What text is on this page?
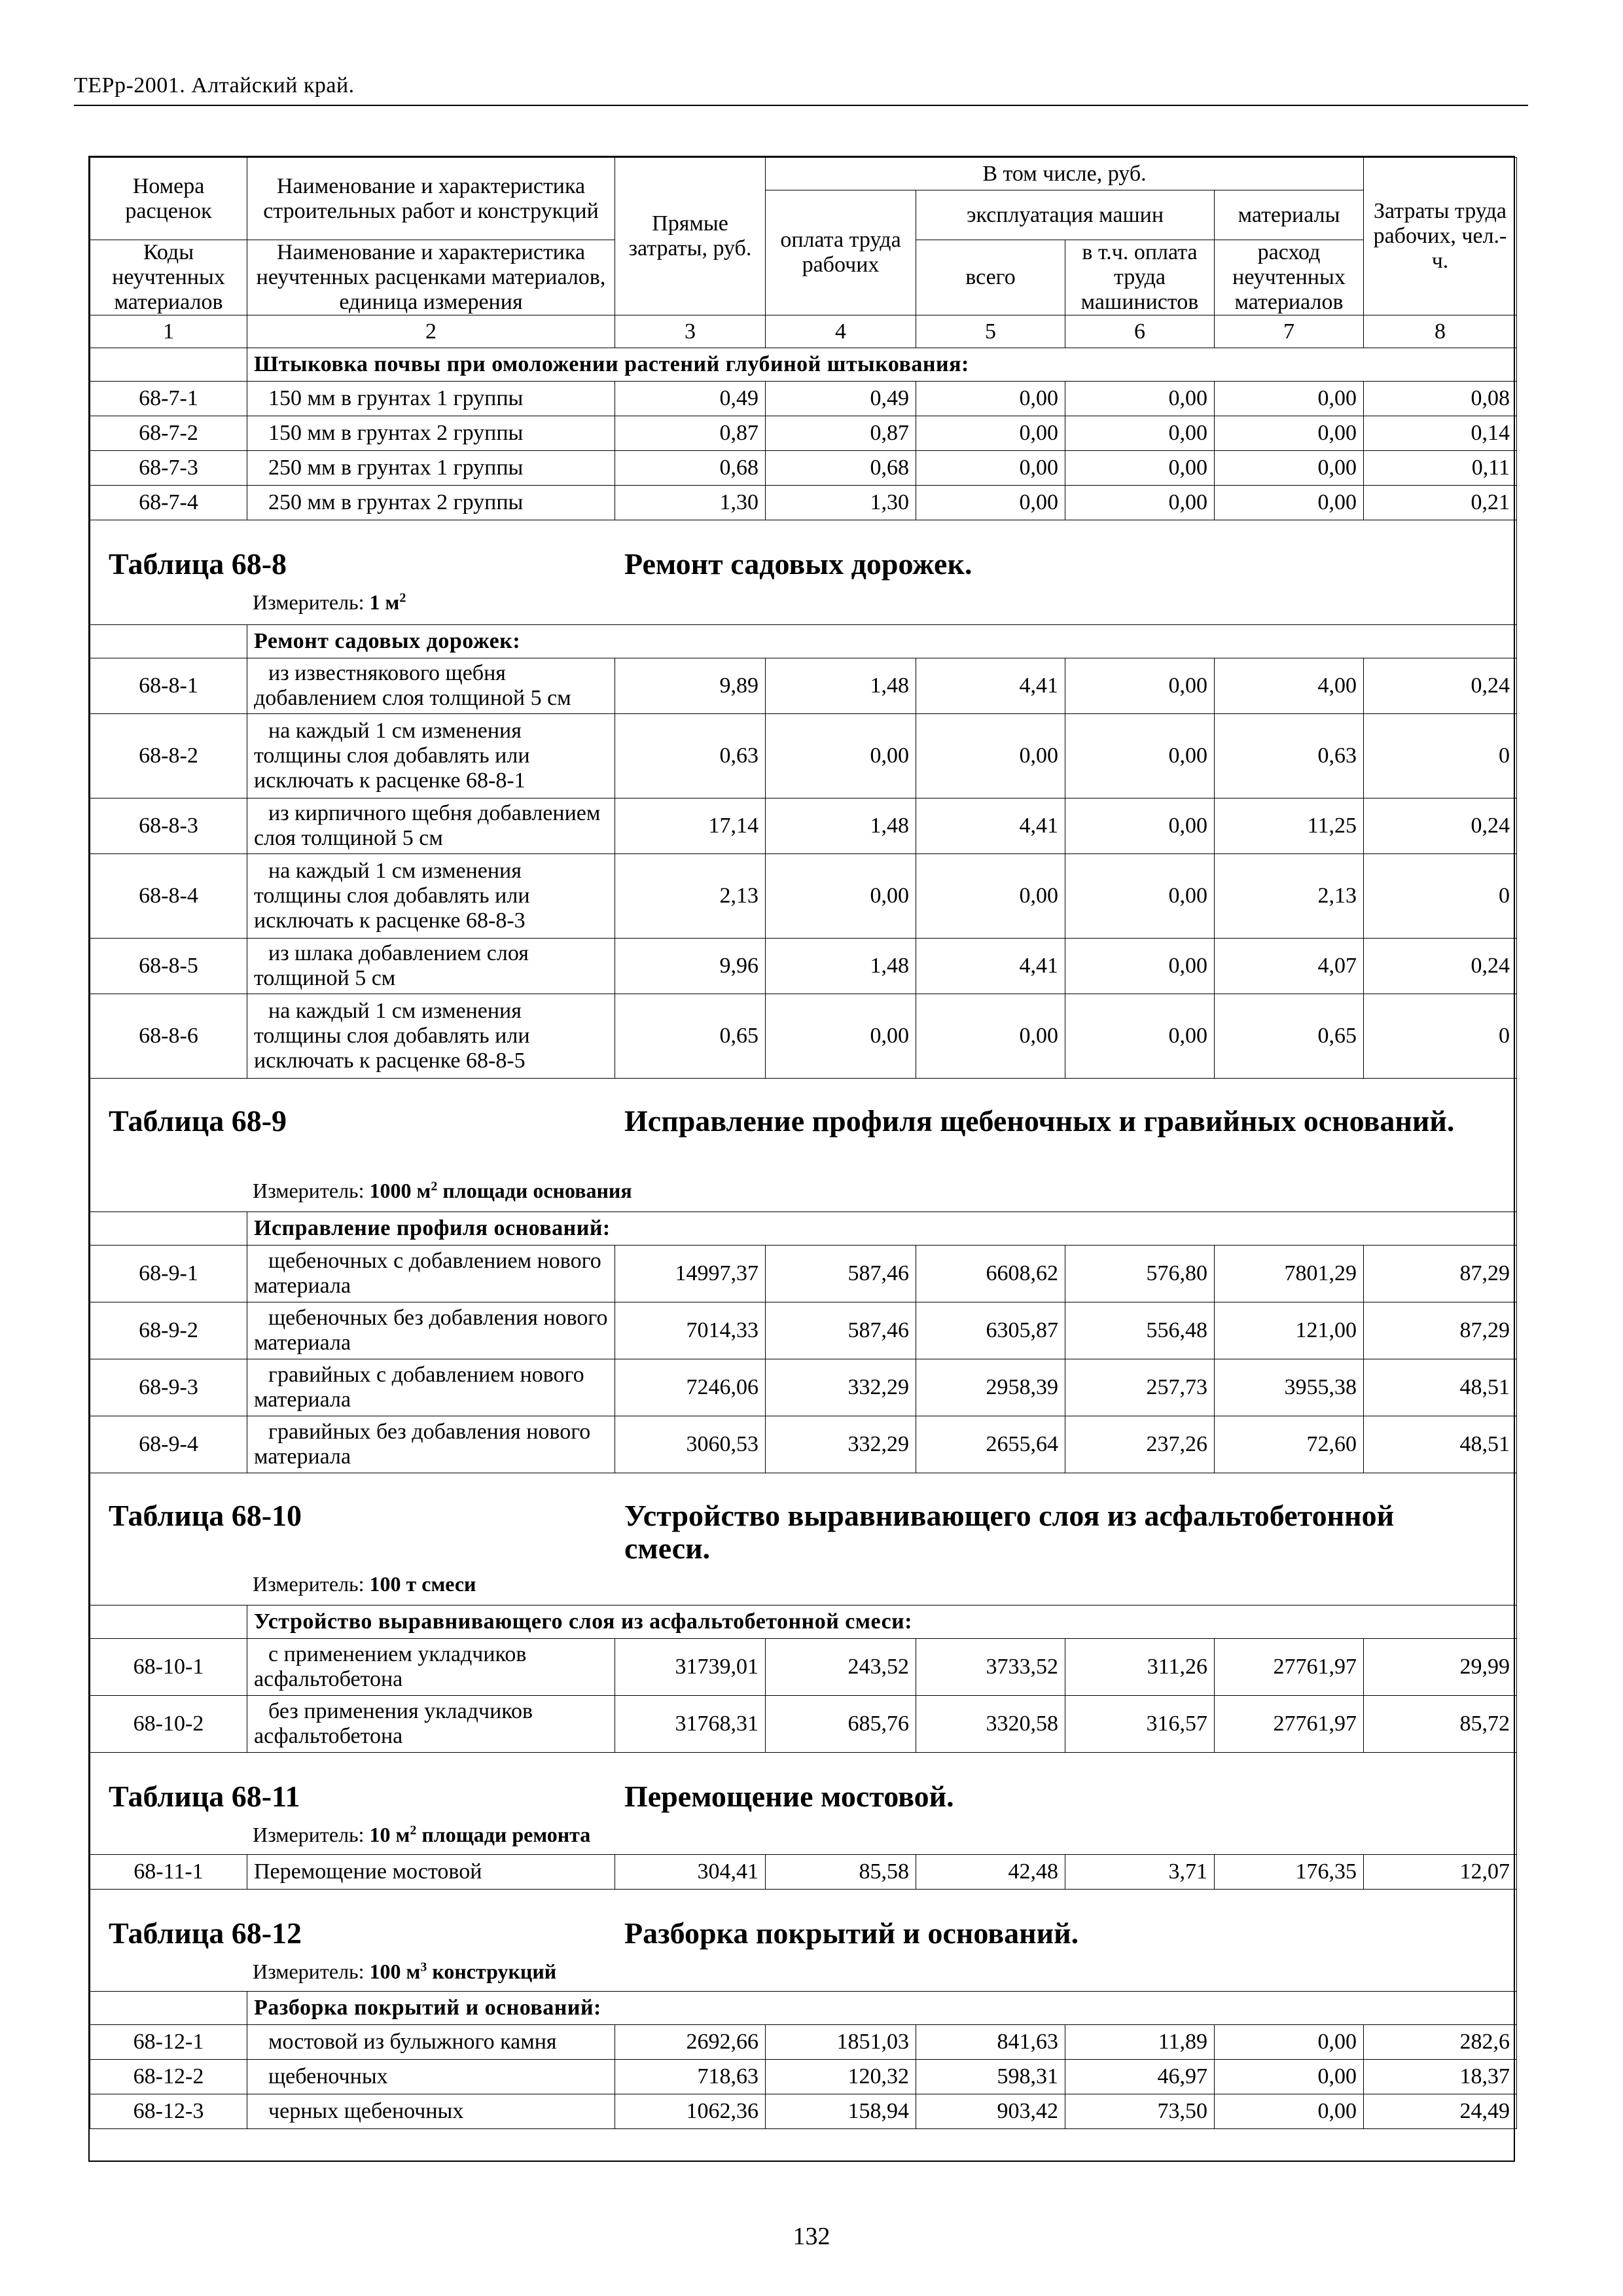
ТЕРр-2001. Алтайский край.
Номера расценок	Наименование и характеристика строительных работ и конструкций	Прямые затраты, руб.	В том числе, руб.				Затраты труда рабочих, чел.-ч.
			оплата труда рабочих	эксплуатация машин		материалы	
Коды неучтенных материалов	Наименование и характеристика неучтенных расценками материалов, единица измерения			всего	в т.ч. оплата труда машинистов	расход неучтенных материалов	
1	2	3	4	5	6	7	8
	Штыковка почвы при омоложении растений глубиной штыкования:						
68-7-1	150 мм в грунтах 1 группы	0,49	0,49	0,00	0,00	0,00	0,08
68-7-2	150 мм в грунтах 2 группы	0,87	0,87	0,00	0,00	0,00	0,14
68-7-3	250 мм в грунтах 1 группы	0,68	0,68	0,00	0,00	0,00	0,11
68-7-4	250 мм в грунтах 2 группы	1,30	1,30	0,00	0,00	0,00	0,21

Таблица 68-8 Ремонт садовых дорожек.
Измеритель: 1 $м^2$

	Ремонт садовых дорожек:						
68-8-1	из известнякового щебня добавлением слоя толщиной 5 см	9,89	1,48	4,41	0,00	4,00	0,24
68-8-2	на каждый 1 см изменения толщины слоя добавлять или исключать к расценке 68-8-1	0,63	0,00	0,00	0,00	0,63	0
68-8-3	из кирпичного щебня добавлением слоя толщиной 5 см	17,14	1,48	4,41	0,00	11,25	0,24
68-8-4	на каждый 1 см изменения толщины слоя добавлять или исключать к расценке 68-8-3	2,13	0,00	0,00	0,00	2,13	0
68-8-5	из шлака добавлением слоя толщиной 5 см	9,96	1,48	4,41	0,00	4,07	0,24
68-8-6	на каждый 1 см изменения толщины слоя добавлять или исключать к расценке 68-8-5	0,65	0,00	0,00	0,00	0,65	0

Таблица 68-9 Исправление профиля щебеночных и гравийных оснований.
Измеритель: 1000 $м^2$ площади основания							

	Исправление профиля оснований:						
68-9-1	щебеночных с добавлением нового материала	14997,37	587,46	6608,62	576,80	7801,29	87,29
68-9-2	щебеночных без добавления нового материала	7014,33	587,46	6305,87	556,48	121,00	87,29
68-9-3	гравийных с добавлением нового материала	7246,06	332,29	2958,39	257,73	3955,38	48,51
68-9-4	гравийных без добавления нового материала	3060,53	332,29	2655,64	237,26	72,60	48,51

Таблица 68-10 Устройство выравнивающего слоя из асфальтобетонной смеси.
Измеритель: 100 т смеси							

	Устройство выравнивающего слоя из асфальтобетонной смеси:						
68-10-1	с применением укладчиков асфальтобетона	31739,01	243,52	3733,52	311,26	27761,97	29,99
68-10-2	без применения укладчиков асфальтобетона	31768,31	685,76	3320,58	316,57	27761,97	85,72

Таблица 68-11 Перемощение мостовой.
Измеритель: 10 $м^2$ площади ремонта							

68-11-1	Перемощение мостовой	304,41	85,58	42,48	3,71	176,35	12,07

Таблица 68-12 Разборка покрытий и оснований.
Измеритель: 100 $м^3$ конструкций							

	Разборка покрытий и оснований:						
68-12-1	мостовой из булыжного камня	2692,66	1851,03	841,63	11,89	0,00	282,6
68-12-2	щебеночных	718,63	120,32	598,31	46,97	0,00	18,37
68-12-3	черных щебеночных	1062,36	158,94	903,42	73,50	0,00	24,49
132
